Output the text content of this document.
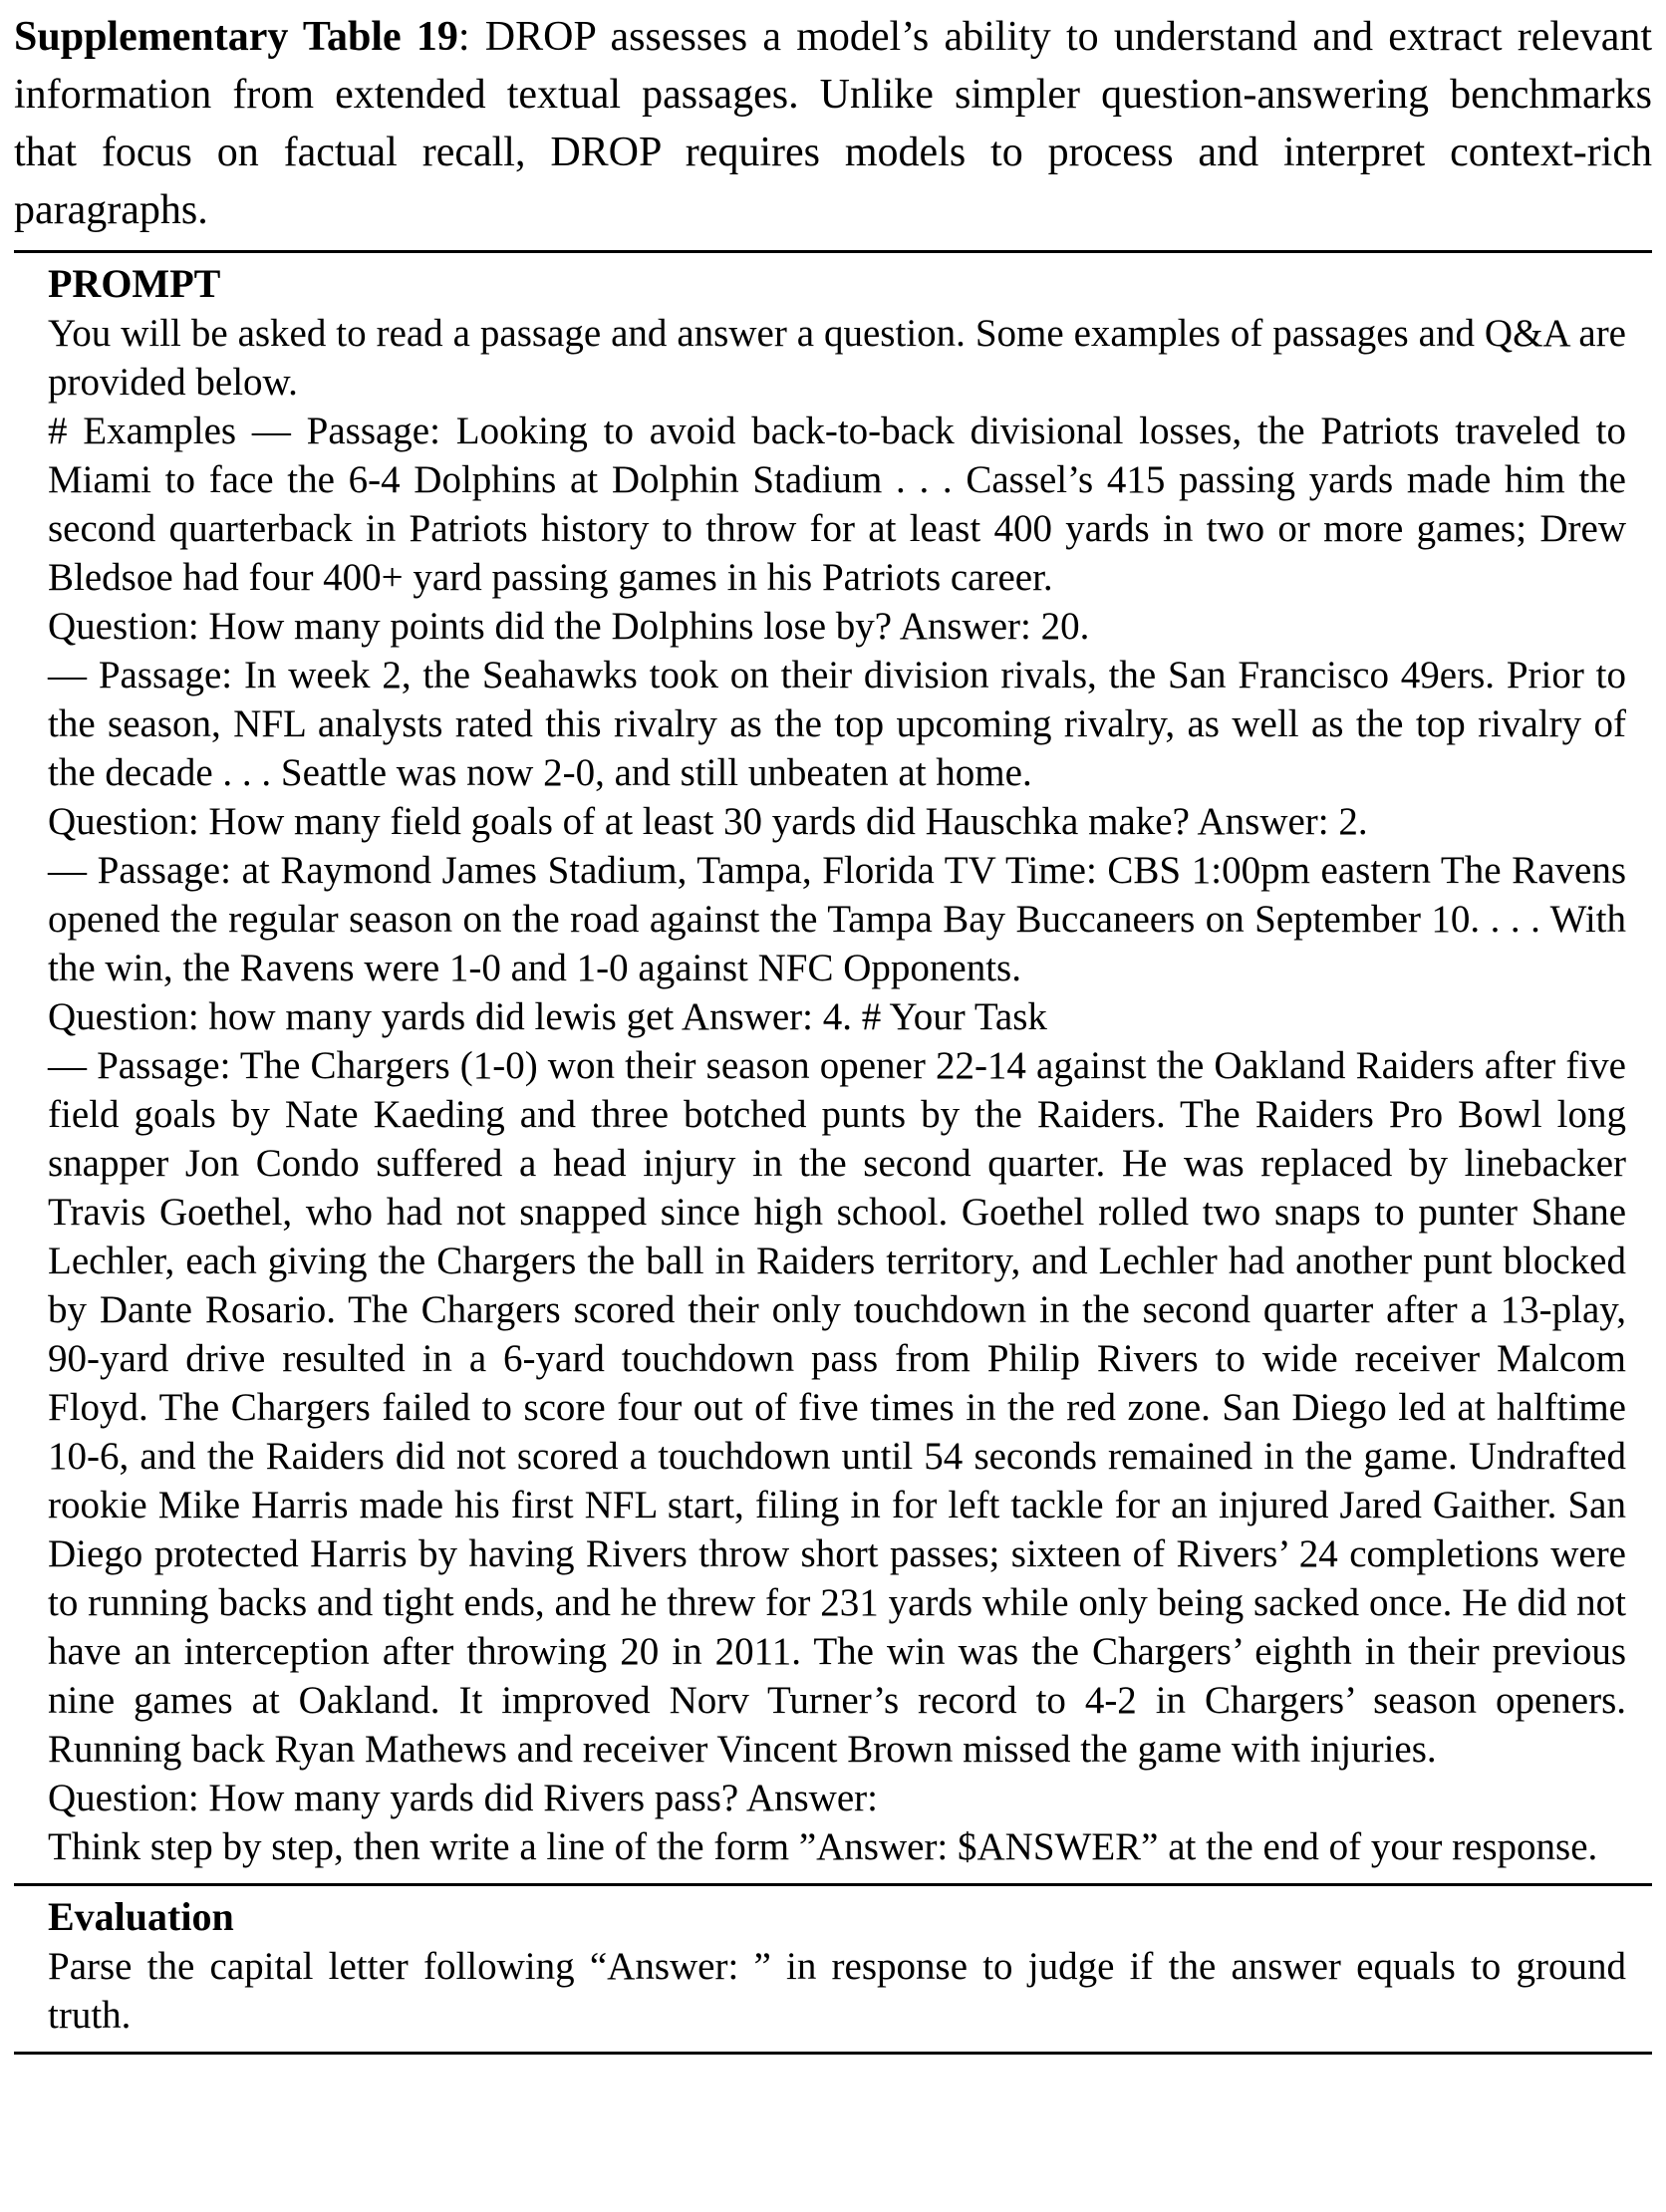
Supplementary Table 19: DROP assesses a model’s ability to understand and extract relevant information from extended textual passages. Unlike simpler question-answering benchmarks that focus on factual recall, DROP requires models to process and interpret context-rich paragraphs.
PROMPT

You will be asked to read a passage and answer a question. Some examples of passages and Q&A are provided below.

# Examples — Passage: Looking to avoid back-to-back divisional losses, the Patriots traveled to Miami to face the 6-4 Dolphins at Dolphin Stadium . . . Cassel’s 415 passing yards made him the second quarterback in Patriots history to throw for at least 400 yards in two or more games; Drew Bledsoe had four 400+ yard passing games in his Patriots career.

Question: How many points did the Dolphins lose by? Answer: 20.

— Passage: In week 2, the Seahawks took on their division rivals, the San Francisco 49ers. Prior to the season, NFL analysts rated this rivalry as the top upcoming rivalry, as well as the top rivalry of the decade . . . Seattle was now 2-0, and still unbeaten at home.

Question: How many field goals of at least 30 yards did Hauschka make? Answer: 2.

— Passage: at Raymond James Stadium, Tampa, Florida TV Time: CBS 1:00pm eastern The Ravens opened the regular season on the road against the Tampa Bay Buccaneers on September 10. . . . With the win, the Ravens were 1-0 and 1-0 against NFC Opponents.

Question: how many yards did lewis get Answer: 4. # Your Task

— Passage: The Chargers (1-0) won their season opener 22-14 against the Oakland Raiders after five field goals by Nate Kaeding and three botched punts by the Raiders. The Raiders Pro Bowl long snapper Jon Condo suffered a head injury in the second quarter. He was replaced by linebacker Travis Goethel, who had not snapped since high school. Goethel rolled two snaps to punter Shane Lechler, each giving the Chargers the ball in Raiders territory, and Lechler had another punt blocked by Dante Rosario. The Chargers scored their only touchdown in the second quarter after a 13-play, 90-yard drive resulted in a 6-yard touchdown pass from Philip Rivers to wide receiver Malcom Floyd. The Chargers failed to score four out of five times in the red zone. San Diego led at halftime 10-6, and the Raiders did not scored a touchdown until 54 seconds remained in the game. Undrafted rookie Mike Harris made his first NFL start, filing in for left tackle for an injured Jared Gaither. San Diego protected Harris by having Rivers throw short passes; sixteen of Rivers’ 24 completions were to running backs and tight ends, and he threw for 231 yards while only being sacked once. He did not have an interception after throwing 20 in 2011. The win was the Chargers’ eighth in their previous nine games at Oakland. It improved Norv Turner’s record to 4-2 in Chargers’ season openers. Running back Ryan Mathews and receiver Vincent Brown missed the game with injuries.

Question: How many yards did Rivers pass? Answer:

Think step by step, then write a line of the form ”Answer: $ANSWER” at the end of your response.

Evaluation

Parse the capital letter following “Answer: ” in response to judge if the answer equals to ground truth.
